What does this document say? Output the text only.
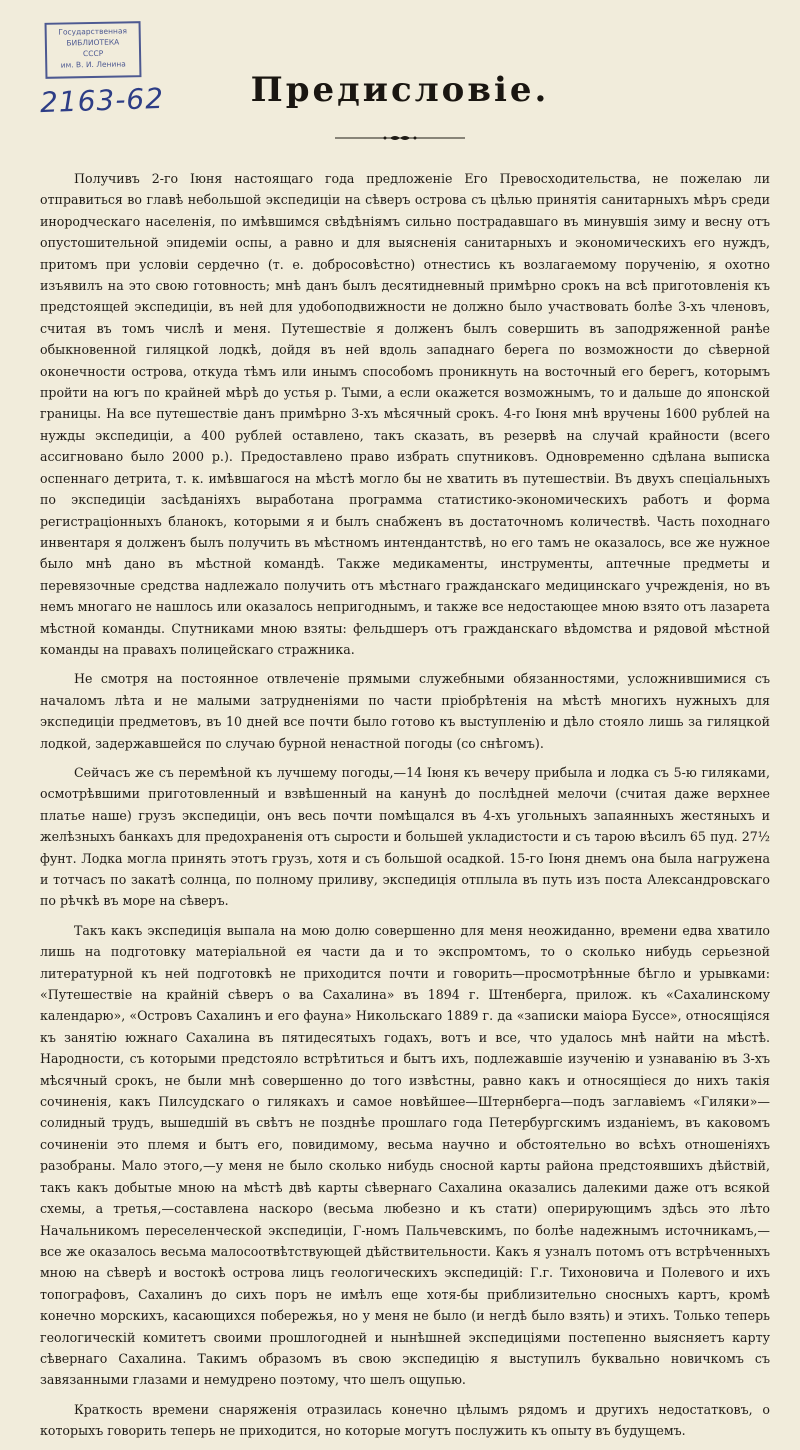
Государственная
БИБЛИОТЕКА
СССР
им. В. И. Ленина
2163-62	Предисловіе.

Получивъ 2-го Іюня настоящаго года предложеніе Его Превосходительства, не пожелаю ли отправиться во главѣ небольшой экспедиціи на сѣверъ острова съ цѣлью принятія санитарныхъ мѣръ среди инородческаго населенія, по имѣвшимся свѣдѣніямъ сильно пострадавшаго въ минувшія зиму и весну отъ опустошительной эпидеміи оспы, а равно и для выясненія санитарныхъ и экономическихъ его нуждъ, притомъ при условіи сердечно (т. е. добросовѣстно) отнестись къ возлагаемому порученію, я охотно изъявилъ на это свою готовность; мнѣ данъ былъ десятидневный примѣрно срокъ на всѣ приготовленія къ предстоящей экспедиціи, въ ней для удобоподвижности не должно было участвовать болѣе 3-хъ членовъ, считая въ томъ числѣ и меня. Путешествіе я долженъ былъ совершить въ заподряженной ранѣе обыкновенной гиляцкой лодкѣ, дойдя въ ней вдоль западнаго берега по возможности до сѣверной оконечности острова, откуда тѣмъ или инымъ способомъ проникнуть на восточный его берегъ, которымъ пройти на югъ по крайней мѣрѣ до устья р. Тыми, а если окажется возможнымъ, то и дальше до японской границы. На все путешествіе данъ примѣрно 3-хъ мѣсячный срокъ. 4-го Іюня мнѣ вручены 1600 рублей на нужды экспедиціи, а 400 рублей оставлено, такъ сказать, въ резервѣ на случай крайности (всего ассигновано было 2000 р.). Предоставлено право избрать спутниковъ. Одновременно сдѣлана выписка оспеннаго детрита, т. к. имѣвшагося на мѣстѣ могло бы не хватить въ путешествіи. Въ двухъ спеціальныхъ по экспедиціи засѣданіяхъ выработана программа статистико-экономическихъ работъ и форма регистраціонныхъ бланокъ, которыми я и былъ снабженъ въ достаточномъ количествѣ. Часть походнаго инвентаря я долженъ былъ получить въ мѣстномъ интендантствѣ, но его тамъ не оказалось, все же нужное было мнѣ дано въ мѣстной командѣ. Также медикаменты, инструменты, аптечные предметы и перевязочные средства надлежало получить отъ мѣстнаго гражданскаго медицинскаго учрежденія, но въ немъ многаго не нашлось или оказалось непригоднымъ, и также все недостающее мною взято отъ лазарета мѣстной команды. Спутниками мною взяты: фельдшеръ отъ гражданскаго вѣдомства и рядовой мѣстной команды на правахъ полицейскаго стражника.

Не смотря на постоянное отвлеченіе прямыми служебными обязанностями, усложнившимися съ началомъ лѣта и не малыми затрудненіями по части пріобрѣтенія на мѣстѣ многихъ нужныхъ для экспедиціи предметовъ, въ 10 дней все почти было готово къ выступленію и дѣло стояло лишь за гиляцкой лодкой, задержавшейся по случаю бурной ненастной погоды (со снѣгомъ).

Сейчасъ же съ перемѣной къ лучшему погоды,—14 Іюня къ вечеру прибыла и лодка съ 5-ю гиляками, осмотрѣвшими приготовленный и взвѣшенный на канунѣ до послѣдней мелочи (считая даже верхнее платье наше) грузъ экспедиціи, онъ весь почти помѣщался въ 4-хъ угольныхъ запаянныхъ жестяныхъ и желѣзныхъ банкахъ для предохраненія отъ сырости и большей укладистости и съ тарою вѣсилъ 65 пуд. 27½ фунт. Лодка могла принять этотъ грузъ, хотя и съ большой осадкой. 15-го Іюня днемъ она была нагружена и тотчасъ по закатѣ солнца, по полному приливу, экспедиція отплыла въ путь изъ поста Александровскаго по рѣчкѣ въ море на сѣверъ.

Такъ какъ экспедиція выпала на мою долю совершенно для меня неожиданно, времени едва хватило лишь на подготовку матеріальной ея части да и то экспромтомъ, то о сколько нибудь серьезной литературной къ ней подготовкѣ не приходится почти и говорить—просмотрѣнные бѣгло и урывками: «Путешествіе на крайній сѣверъ о ва Сахалина» въ 1894 г. Штенберга, прилож. къ «Сахалинскому календарю», «Островъ Сахалинъ и его фауна» Никольскаго 1889 г. да «записки маіора Буссе», относящіяся къ занятію южнаго Сахалина въ пятидесятыхъ годахъ, вотъ и все, что удалось мнѣ найти на мѣстѣ. Народности, съ которыми предстояло встрѣтиться и бытъ ихъ, подлежавшіе изученію и узнаванію въ 3-хъ мѣсячный срокъ, не были мнѣ совершенно до того извѣстны, равно какъ и относящіеся до нихъ такія сочиненія, какъ Пилсудскаго о гилякахъ и самое новѣйшее—Штернберга—подъ заглавіемъ «Гиляки»—солидный трудъ, вышедшій въ свѣтъ не позднѣе прошлаго года Петербургскимъ изданіемъ, въ каковомъ сочиненіи это племя и бытъ его, повидимому, весьма научно и обстоятельно во всѣхъ отношеніяхъ разобраны. Мало этого,—у меня не было сколько нибудь сносной карты района предстоявшихъ дѣйствій, такъ какъ добытые мною на мѣстѣ двѣ карты сѣвернаго Сахалина оказались далекими даже отъ всякой схемы, а третья,—составлена наскоро (весьма любезно и къ стати) оперирующимъ здѣсь это лѣто Начальникомъ переселенческой экспедиціи, Г-номъ Пальчевскимъ, по болѣе надежнымъ источникамъ,—все же оказалось весьма малосоотвѣтствующей дѣйствительности. Какъ я узналъ потомъ отъ встрѣченныхъ мною на сѣверѣ и востокѣ острова лицъ геологическихъ экспедицій: Г.г. Тихоновича и Полевого и ихъ топографовъ, Сахалинъ до сихъ поръ не имѣлъ еще хотя-бы приблизительно сносныхъ картъ, кромѣ конечно морскихъ, касающихся побережья, но у меня не было (и негдѣ было взять) и этихъ. Только теперь геологическій комитетъ своими прошлогодней и нынѣшней экспедиціями постепенно выясняетъ карту сѣвернаго Сахалина. Такимъ образомъ въ свою экспедицію я выступилъ буквально новичкомъ съ завязанными глазами и немудрено поэтому, что шелъ ощупью.

Краткость времени снаряженія отразилась конечно цѣлымъ рядомъ и другихъ недостатковъ, о которыхъ говорить теперь не приходится, но которые могутъ послужить къ опыту въ будущемъ.
